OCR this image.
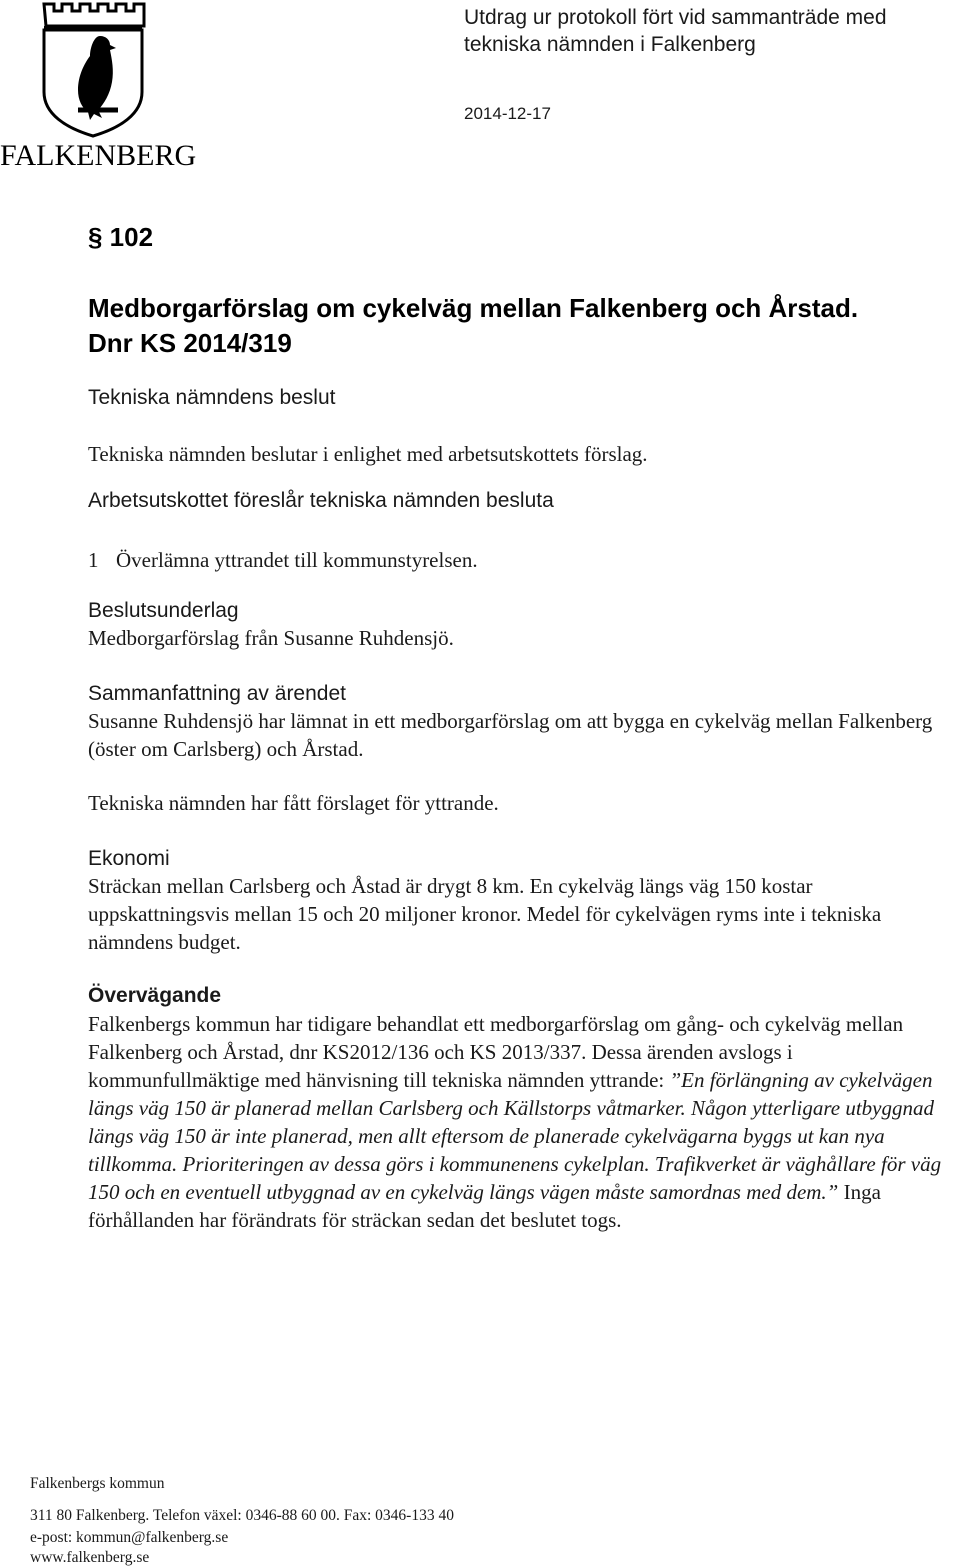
FALKENBERG
Utdrag ur protokoll fört vid sammanträde med tekniska nämnden i Falkenberg
2014-12-17
§ 102
Medborgarförslag om cykelväg mellan Falkenberg och Årstad.
Dnr KS 2014/319
Tekniska nämndens beslut
Tekniska nämnden beslutar i enlighet med arbetsutskottets förslag.
Arbetsutskottet föreslår tekniska nämnden besluta
1 Överlämna yttrandet till kommunstyrelsen.
Beslutsunderlag
Medborgarförslag från Susanne Ruhdensjö.
Sammanfattning av ärendet
Susanne Ruhdensjö har lämnat in ett medborgarförslag om att bygga en cykelväg mellan Falkenberg (öster om Carlsberg) och Årstad.
Tekniska nämnden har fått förslaget för yttrande.
Ekonomi
Sträckan mellan Carlsberg och Åstad är drygt 8 km. En cykelväg längs väg 150 kostar uppskattningsvis mellan 15 och 20 miljoner kronor. Medel för cykelvägen ryms inte i tekniska nämndens budget.
Övervägande
Falkenbergs kommun har tidigare behandlat ett medborgarförslag om gång- och cykelväg mellan Falkenberg och Årstad, dnr KS2012/136 och KS 2013/337. Dessa ärenden avslogs i kommunfullmäktige med hänvisning till tekniska nämnden yttrande: ”En förlängning av cykelvägen längs väg 150 är planerad mellan Carlsberg och Källstorps våtmarker. Någon ytterligare utbyggnad längs väg 150 är inte planerad, men allt eftersom de planerade cykelvägarna byggs ut kan nya tillkomma. Prioriteringen av dessa görs i kommunenens cykelplan. Trafikverket är väghållare för väg 150 och en eventuell utbyggnad av en cykelväg längs vägen måste samordnas med dem.” Inga förhållanden har förändrats för sträckan sedan det beslutet togs.
Falkenbergs kommun
311 80 Falkenberg. Telefon växel: 0346-88 60 00. Fax: 0346-133 40
e-post: kommun@falkenberg.se
www.falkenberg.se
